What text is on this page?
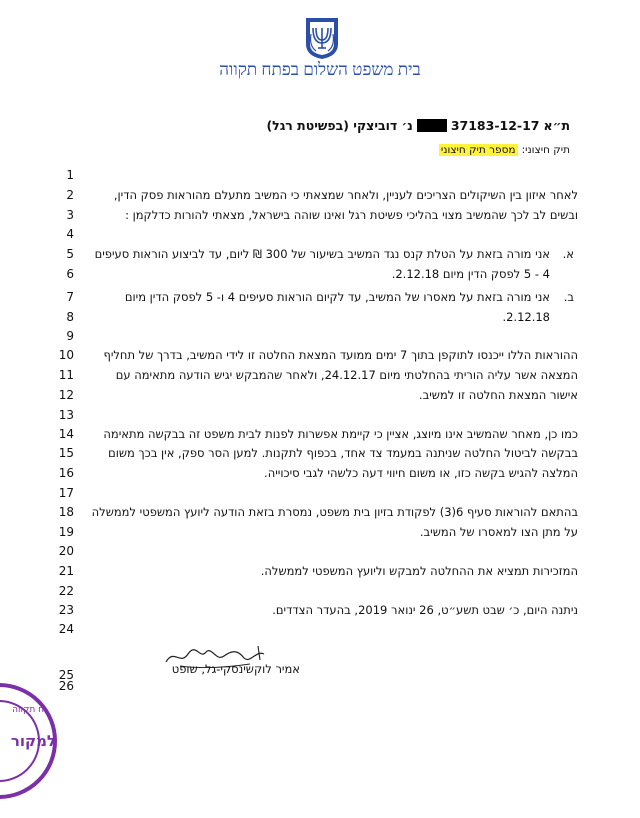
בית משפט השלום בפתח תקווה
ת״א
37183-12-17
נ׳ דוביצקי (בפשיטת רגל)
תיק חיצוני:
מספר תיק חיצוני
1
2
3
4
5
6
7
8
9
10
11
12
13
14
15
16
17
18
19
20
21
22
23
24
25
26
לאחר איזון בין השיקולים הצריכים לעניין, ולאחר שמצאתי כי המשיב מתעלם מהוראות פסק הדין,
ובשים לב לכך שהמשיב מצוי בהליכי פשיטת רגל ואינו שוהה בישראל, מצאתי להורות כדלקמן :
א.
אני מורה בזאת על הטלת קנס נגד המשיב בשיעור של 300 ₪ ליום, עד לביצוע הוראות סעיפים
4 - 5 לפסק הדין מיום 2.12.18.
ב.
אני מורה בזאת על מאסרו של המשיב, עד לקיום הוראות סעיפים 4 ו- 5 לפסק הדין מיום
2.12.18.
ההוראות הללו ייכנסו לתוקפן בתוך 7 ימים ממועד המצאת החלטה זו לידי המשיב, בדרך של תחליף
המצאה אשר עליה הוריתי בהחלטתי מיום 24.12.17, ולאחר שהמבקש יגיש הודעה מתאימה עם
אישור המצאת החלטה זו למשיב.
כמו כן, מאחר שהמשיב אינו מיוצג, אציין כי קיימת אפשרות לפנות לבית משפט זה בבקשה מתאימה
בבקשה לביטול החלטה שניתנה במעמד צד אחד, בכפוף לתקנות. למען הסר ספק, אין בכך משום
המלצה להגיש בקשה כזו, או משום חיווי דעה כלשהי לגבי סיכוייה.
בהתאם להוראות סעיף 6(3) לפקודת בזיון בית משפט, נמסרת בזאת הודעה ליועץ המשפטי לממשלה
על מתן הצו למאסרו של המשיב.
המזכירות תמציא את ההחלטה למבקש וליועץ המשפטי לממשלה.
ניתנה היום, כ׳ שבט תשע״ט, 26 ינואר 2019, בהעדר הצדדים.
אמיר לוקשינסקי-גל, שופט
ח תקווה
למקור
